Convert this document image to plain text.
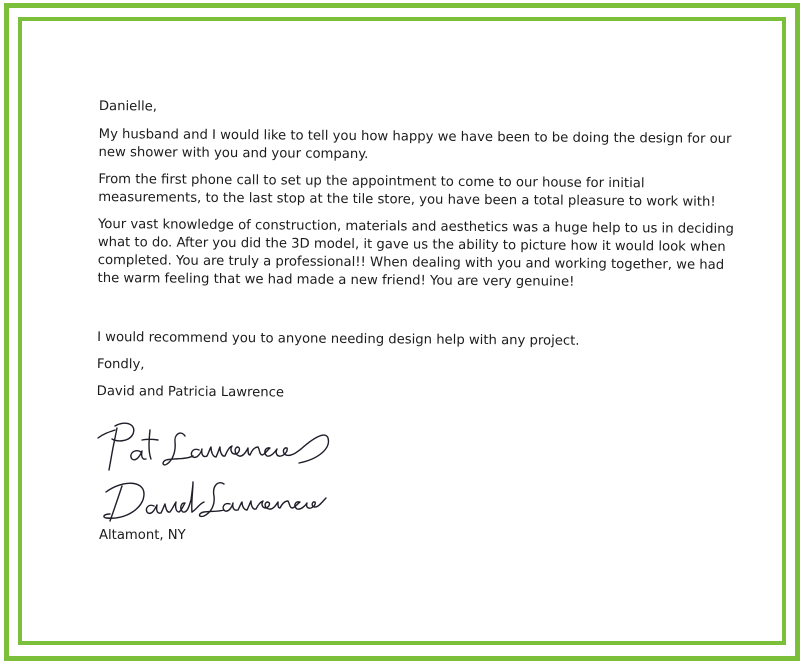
Danielle,

My husband and I would like to tell you how happy we have been to be doing the design for our new shower with you and your company.

From the first phone call to set up the appointment to come to our house for initial measurements, to the last stop at the tile store, you have been a total pleasure to work with!

Your vast knowledge of construction, materials and aesthetics was a huge help to us in deciding what to do. After you did the 3D model, it gave us the ability to picture how it would look when completed. You are truly a professional!! When dealing with you and working together, we had the warm feeling that we had made a new friend! You are very genuine!

I would recommend you to anyone needing design help with any project.

Fondly,

David and Patricia Lawrence

Altamont, NY
